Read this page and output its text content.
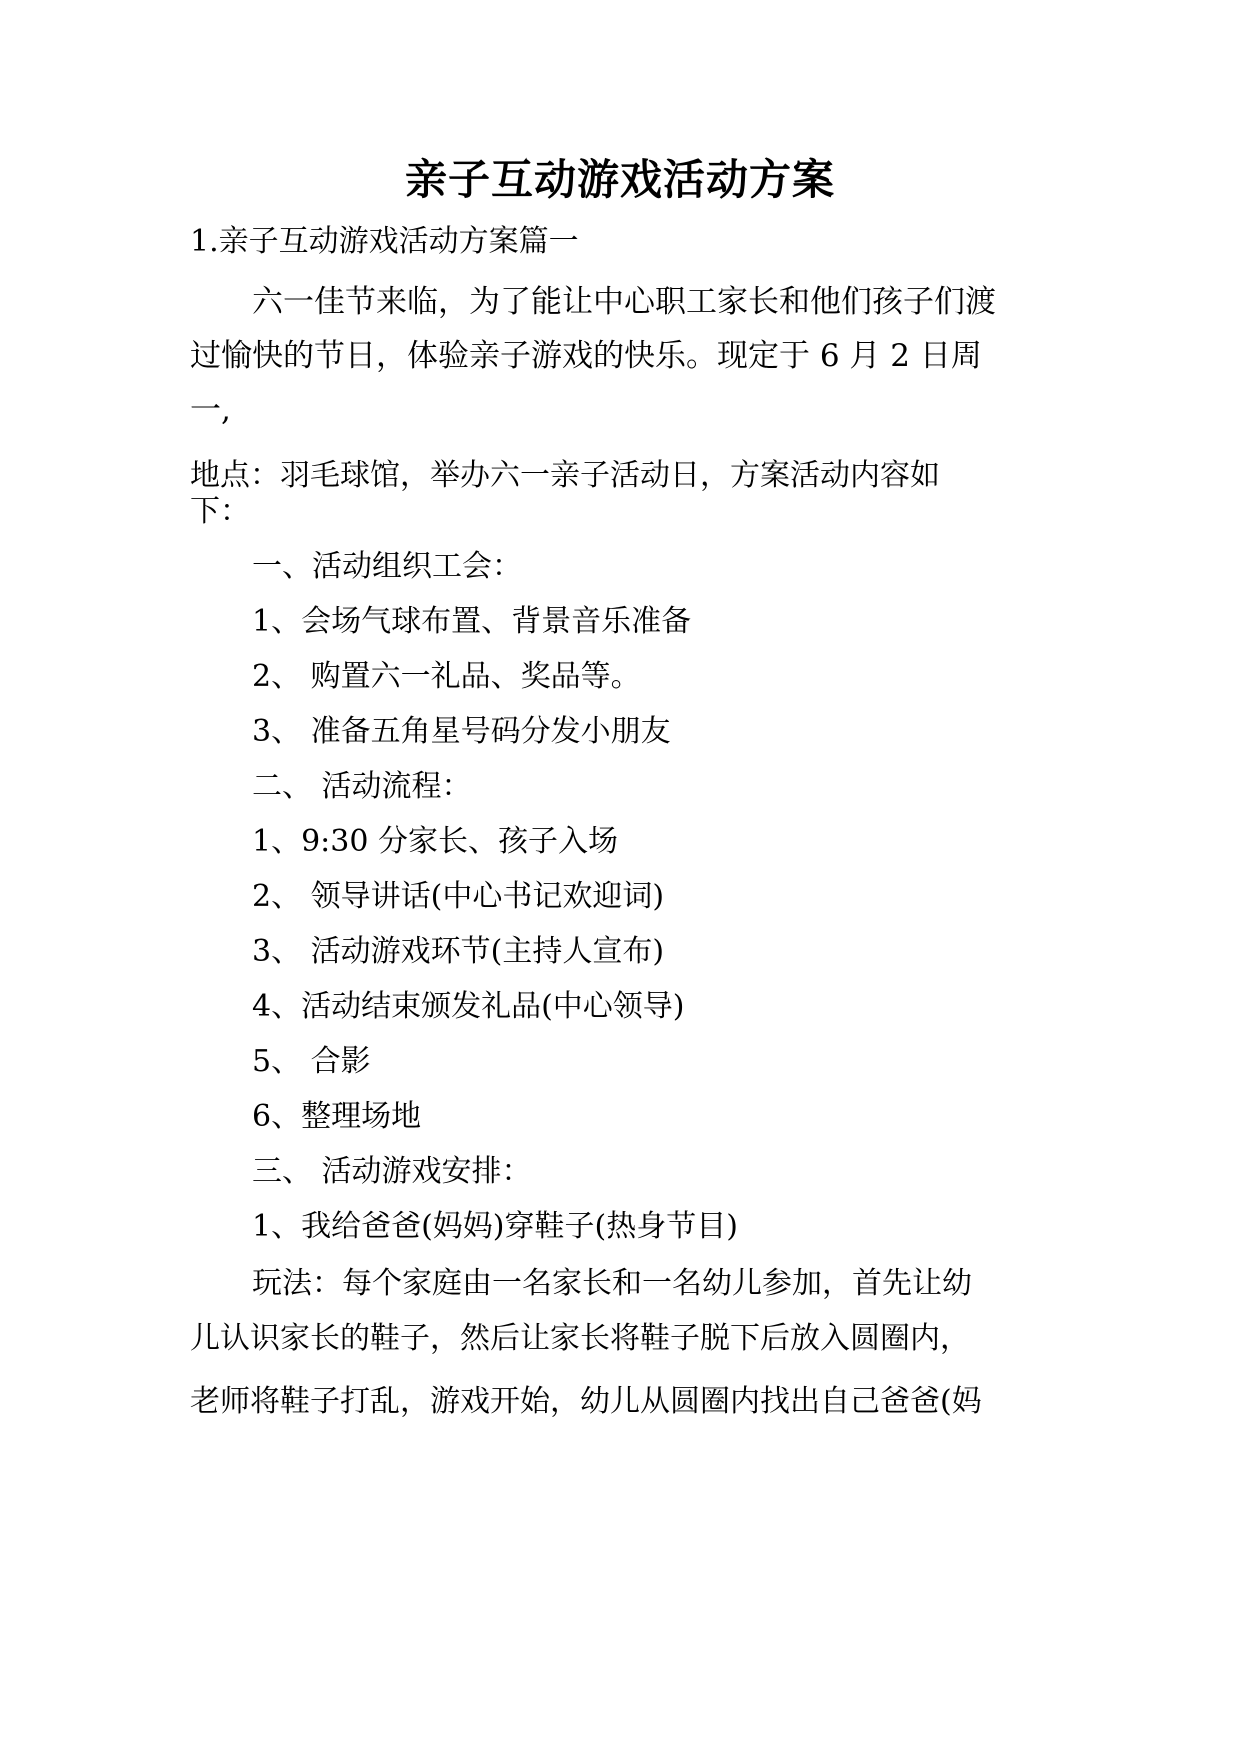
亲子互动游戏活动方案
1.亲子互动游戏活动方案篇一
六一佳节来临，为了能让中心职工家长和他们孩子们渡
过愉快的节日，体验亲子游戏的快乐。现定于 6 月 2 日周
一,
地点：羽毛球馆，举办六一亲子活动日，方案活动内容如
下：
一、活动组织工会：
1、会场气球布置、背景音乐准备
2、 购置六一礼品、奖品等。
3、 准备五角星号码分发小朋友
二、 活动流程：
1、9:30 分家长、孩子入场
2、 领导讲话(中心书记欢迎词)
3、 活动游戏环节(主持人宣布)
4、活动结束颁发礼品(中心领导)
5、 合影
6、整理场地
三、 活动游戏安排：
1、我给爸爸(妈妈)穿鞋子(热身节目)
玩法：每个家庭由一名家长和一名幼儿参加，首先让幼
儿认识家长的鞋子，然后让家长将鞋子脱下后放入圆圈内，
老师将鞋子打乱，游戏开始，幼儿从圆圈内找出自己爸爸(妈
